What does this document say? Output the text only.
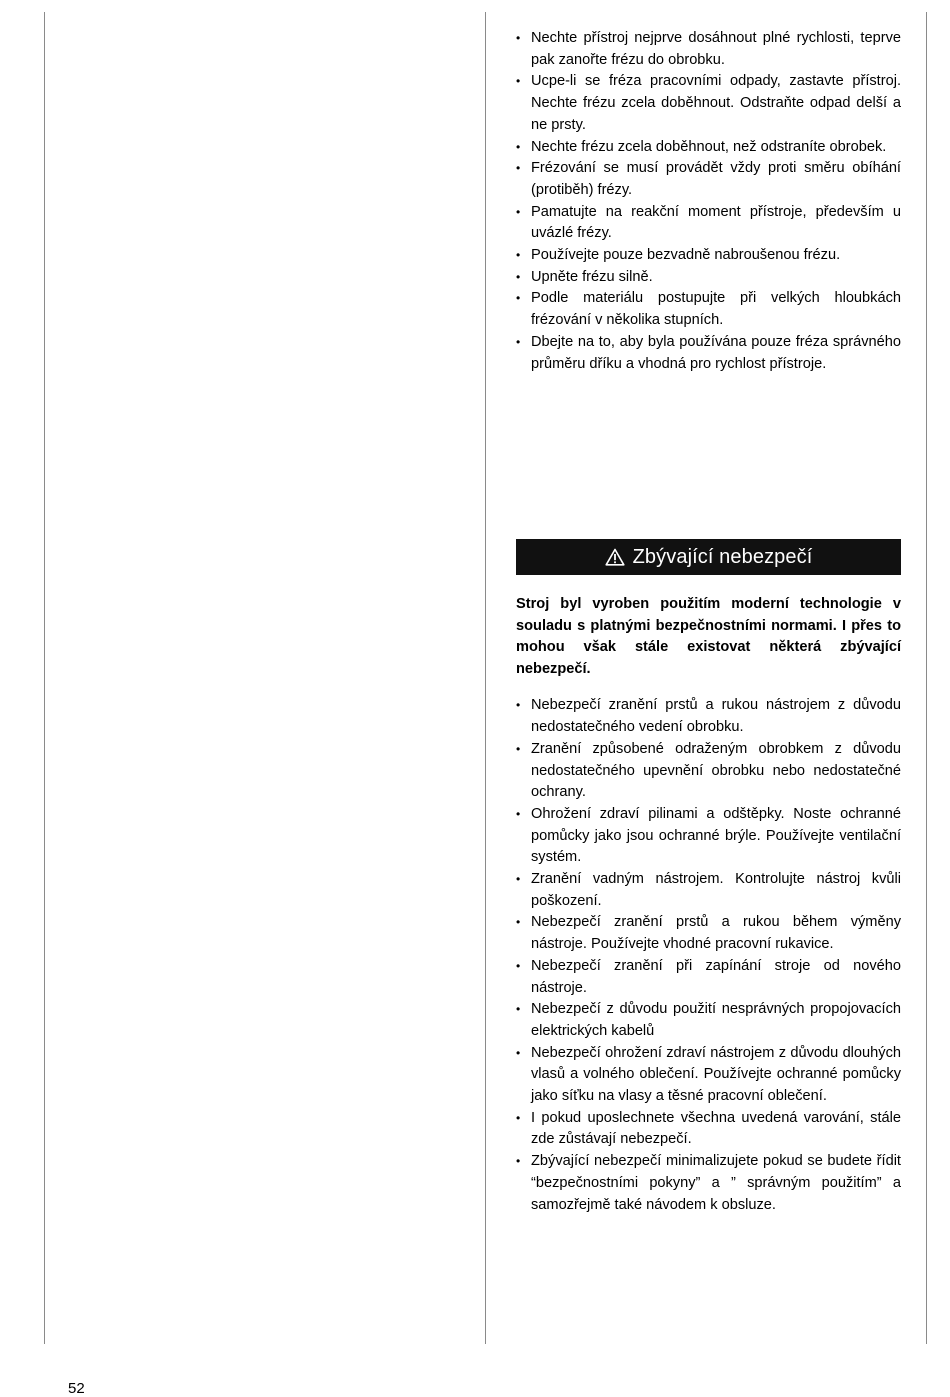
• Nechte přístroj nejprve dosáhnout plné rychlosti, teprve pak zanořte frézu do obrobku.
• Ucpe-li se fréza pracovními odpady, zastavte přístroj. Nechte frézu zcela doběhnout. Odstraňte odpad delší a ne prsty.
• Nechte frézu zcela doběhnout, než odstraníte obrobek.
• Frézování se musí provádět vždy proti směru obíhání (protiběh) frézy.
• Pamatujte na reakční moment přístroje, především u uvázlé frézy.
• Používejte pouze bezvadně nabroušenou frézu.
• Upněte frézu silně.
• Podle materiálu postupujte při velkých hloubkách frézování v několika stupních.
• Dbejte na to, aby byla používána pouze fréza správného průměru dříku a vhodná pro rychlost přístroje.
Zbývající nebezpečí

Stroj byl vyroben použitím moderní technologie v souladu s platnými bezpečnostními normami. I přes to mohou však stále existovat některá zbývající nebezpečí.

• Nebezpečí zranění prstů a rukou nástrojem z důvodu nedostatečného vedení obrobku.
• Zranění způsobené odraženým obrobkem z důvodu nedostatečného upevnění obrobku nebo nedostatečné ochrany.
• Ohrožení zdraví pilinami a odštěpky. Noste ochranné pomůcky jako jsou ochranné brýle. Používejte ventilační systém.
• Zranění vadným nástrojem. Kontrolujte nástroj kvůli poškození.
• Nebezpečí zranění prstů a rukou během výměny nástroje. Používejte vhodné pracovní rukavice.
• Nebezpečí zranění při zapínání stroje od nového nástroje.
• Nebezpečí z důvodu použití nesprávných propojovacích elektrických kabelů
• Nebezpečí ohrožení zdraví nástrojem z důvodu dlouhých vlasů a volného oblečení. Používejte ochranné pomůcky jako síťku na vlasy a těsné pracovní oblečení.
• I pokud uposlechnete všechna uvedená varování, stále zde zůstávají nebezpečí.
• Zbývající nebezpečí minimalizujete pokud se budete řídit “bezpečnostními pokyny” a ” správným použitím” a samozřejmě také návodem k obsluze.
52
